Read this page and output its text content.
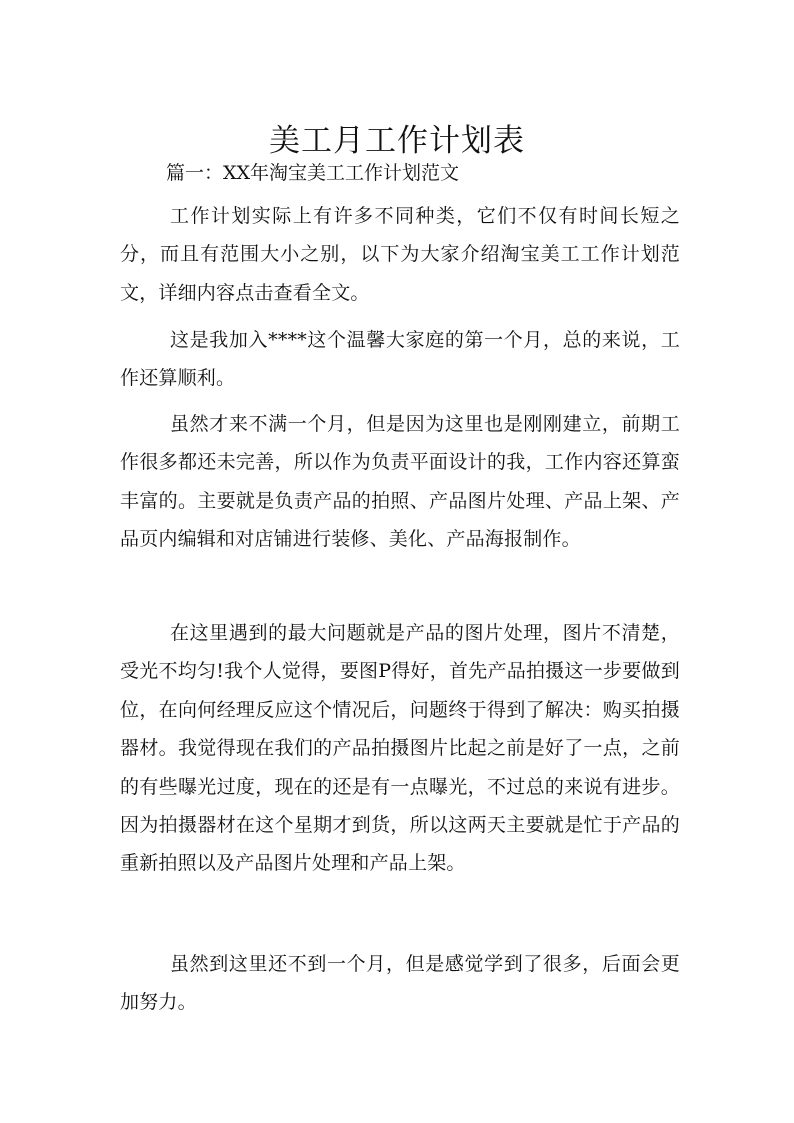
美工月工作计划表
篇一：XX年淘宝美工工作计划范文

工作计划实际上有许多不同种类，它们不仅有时间长短之分，而且有范围大小之别，以下为大家介绍淘宝美工工作计划范文，详细内容点击查看全文。

这是我加入****这个温馨大家庭的第一个月，总的来说，工作还算顺利。

虽然才来不满一个月，但是因为这里也是刚刚建立，前期工作很多都还未完善，所以作为负责平面设计的我，工作内容还算蛮丰富的。主要就是负责产品的拍照、产品图片处理、产品上架、产品页内编辑和对店铺进行装修、美化、产品海报制作。

在这里遇到的最大问题就是产品的图片处理，图片不清楚，受光不均匀!我个人觉得，要图P得好，首先产品拍摄这一步要做到位，在向何经理反应这个情况后，问题终于得到了解决：购买拍摄器材。我觉得现在我们的产品拍摄图片比起之前是好了一点，之前的有些曝光过度，现在的还是有一点曝光，不过总的来说有进步。因为拍摄器材在这个星期才到货，所以这两天主要就是忙于产品的重新拍照以及产品图片处理和产品上架。

虽然到这里还不到一个月，但是感觉学到了很多，后面会更加努力。
